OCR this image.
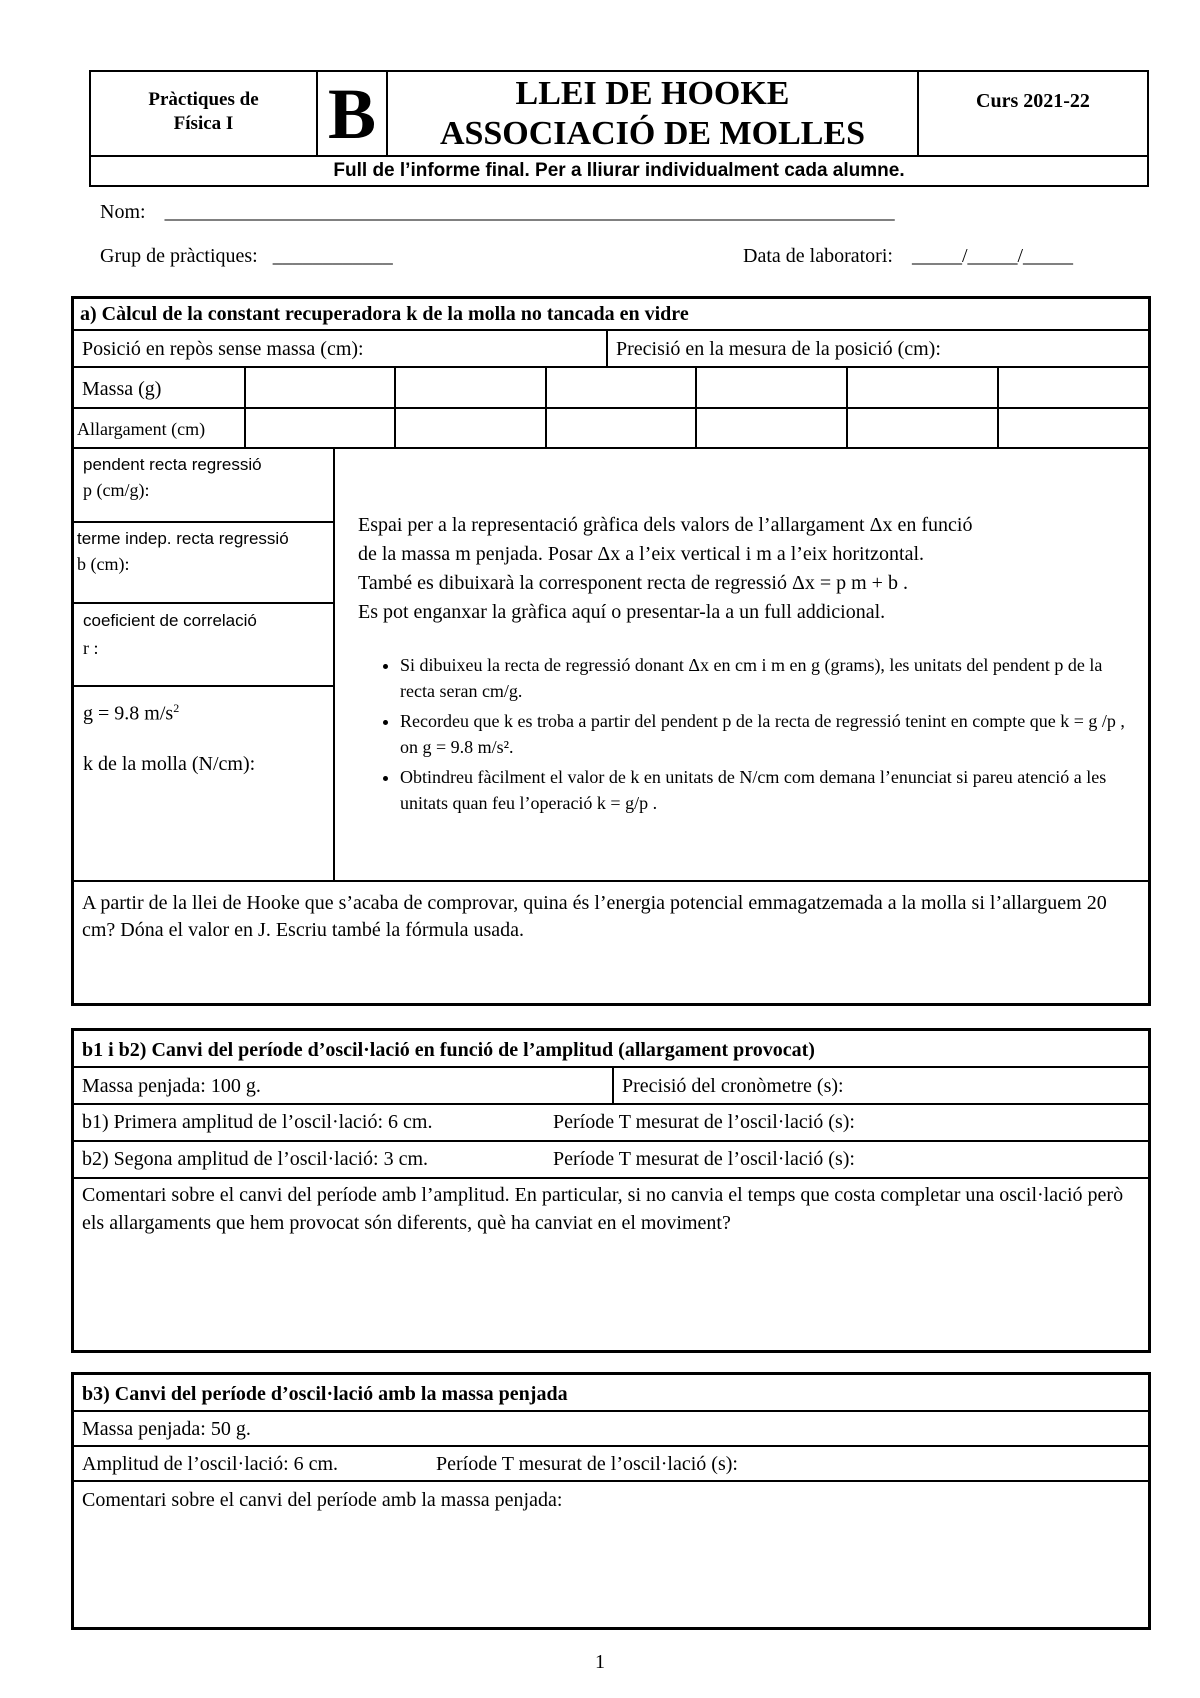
Pràctiques de
Física I	B	LLEI DE HOOKE
ASSOCIACIÓ DE MOLLES
Curs 2021-22
Full de l’informe final. Per a lliurar individualment cada alumne.
Nom: _________________________________________________________________________
Grup de pràctiques: ____________	Data de laboratori: _____/_____/_____
a) Càlcul de la constant recuperadora k de la molla no tancada en vidre
Posició en repòs sense massa (cm):	Precisió en la mesura de la posició (cm):
Massa (g)
Allargament (cm)
pendent recta regressió
p (cm/g):
terme indep. recta regressió
b (cm):
coeficient de correlació
r :
g = 9.8 $m/s^2$
k de la molla (N/cm):
Espai per a la representació gràfica dels valors de l’allargament Δx en funció
de la massa m penjada. Posar Δx a l’eix vertical i m a l’eix horitzontal.
També es dibuixarà la corresponent recta de regressió Δx = p m + b .
Es pot enganxar la gràfica aquí o presentar-la a un full addicional.
• Si dibuixeu la recta de regressió donant Δx en cm i m en g (grams), les unitats del pendent p de la recta seran cm/g.
• Recordeu que k es troba a partir del pendent p de la recta de regressió tenint en compte que k = g /p , on g = 9.8 m/s².
• Obtindreu fàcilment el valor de k en unitats de N/cm com demana l’enunciat si pareu atenció a les unitats quan feu l’operació k = g/p .
A partir de la llei de Hooke que s’acaba de comprovar, quina és l’energia potencial emmagatzemada a la molla si l’allarguem 20 cm? Dóna el valor en J. Escriu també la fórmula usada.
b1 i b2) Canvi del període d’oscil·lació en funció de l’amplitud (allargament provocat)
Massa penjada: 100 g.	Precisió del cronòmetre (s):
b1) Primera amplitud de l’oscil·lació: 6 cm.	Període T mesurat de l’oscil·lació (s):
b2) Segona amplitud de l’oscil·lació: 3 cm.	Període T mesurat de l’oscil·lació (s):
Comentari sobre el canvi del període amb l’amplitud. En particular, si no canvia el temps que costa completar una oscil·lació però els allargaments que hem provocat són diferents, què ha canviat en el moviment?
b3) Canvi del període d’oscil·lació amb la massa penjada
Massa penjada: 50 g.
Amplitud de l’oscil·lació: 6 cm.	Període T mesurat de l’oscil·lació (s):
Comentari sobre el canvi del període amb la massa penjada:
1
